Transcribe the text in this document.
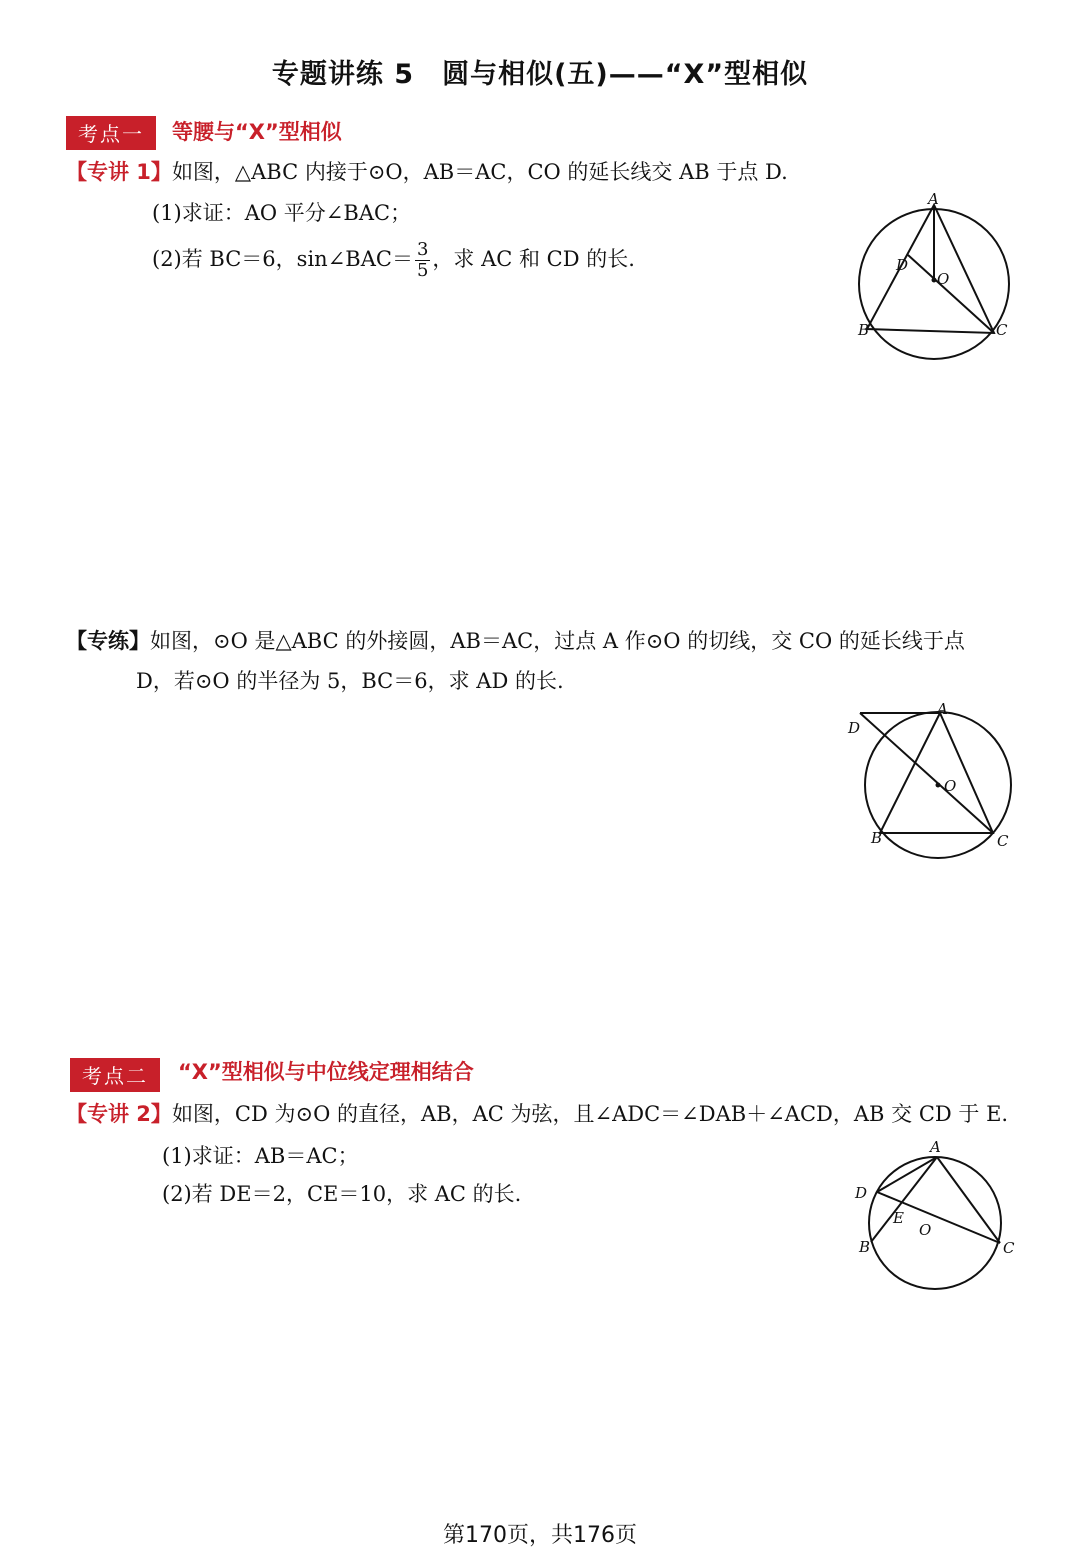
专题讲练 5　圆与相似(五)——“X”型相似
考点一	等腰与“X”型相似
【专讲 1】如图，△ABC 内接于⊙O，AB＝AC，CO 的延长线交 AB 于点 D.
(1)求证：AO 平分∠BAC；
(2)若 BC＝6，sin∠BAC＝ $\frac{3}{5}$ ，求 AC 和 CD 的长.
A
B	C
D
O
【专练】如图，⊙O 是△ABC 的外接圆，AB＝AC，过点 A 作⊙O 的切线，交 CO 的延长线于点
D，若⊙O 的半径为 5，BC＝6，求 AD 的长.
A
B	C
D
O
考点二	“X”型相似与中位线定理相结合
【专讲 2】如图，CD 为⊙O 的直径，AB，AC 为弦，且∠ADC＝∠DAB＋∠ACD，AB 交 CD 于 E.
(1)求证：AB＝AC；
(2)若 DE＝2，CE＝10，求 AC 的长.
A
B	C
D
E
O
第170页，共176页
